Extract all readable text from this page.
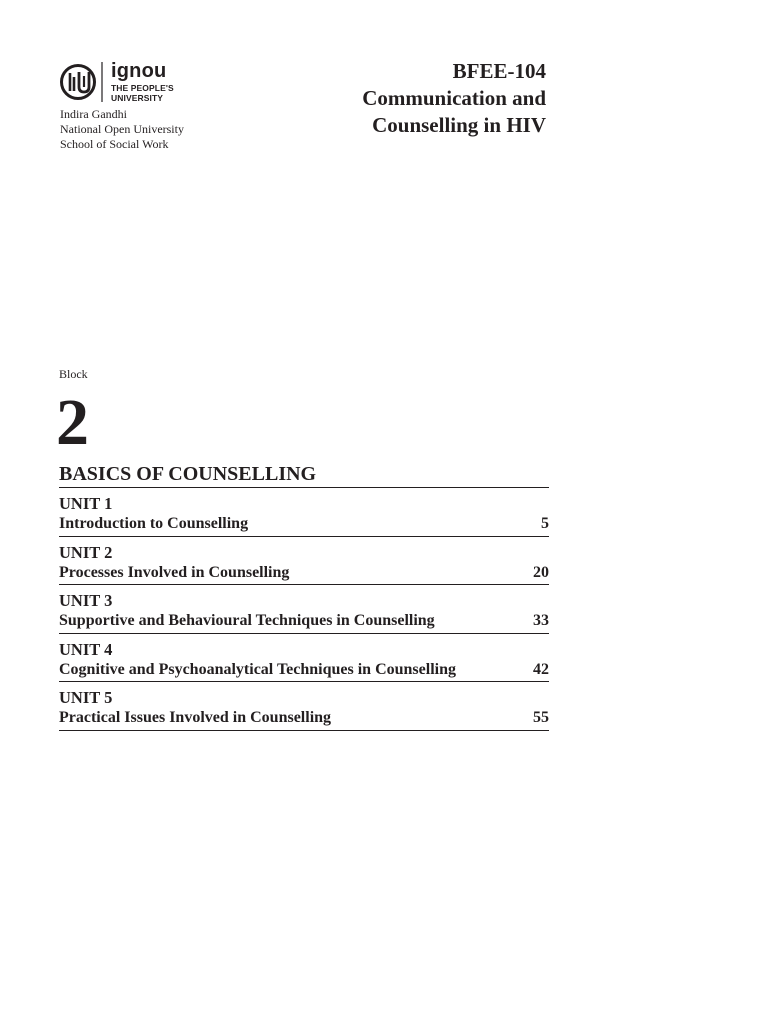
ignou
THE PEOPLE'S
UNIVERSITY
Indira Gandhi
National Open University
School of Social Work
BFEE-104
Communication and
Counselling in HIV
Block
2
BASICS OF COUNSELLING
UNIT 1
Introduction to Counselling	5
UNIT 2
Processes Involved in Counselling	20
UNIT 3
Supportive and Behavioural Techniques in Counselling	33
UNIT 4
Cognitive and Psychoanalytical Techniques in Counselling	42
UNIT 5
Practical Issues Involved in Counselling	55
